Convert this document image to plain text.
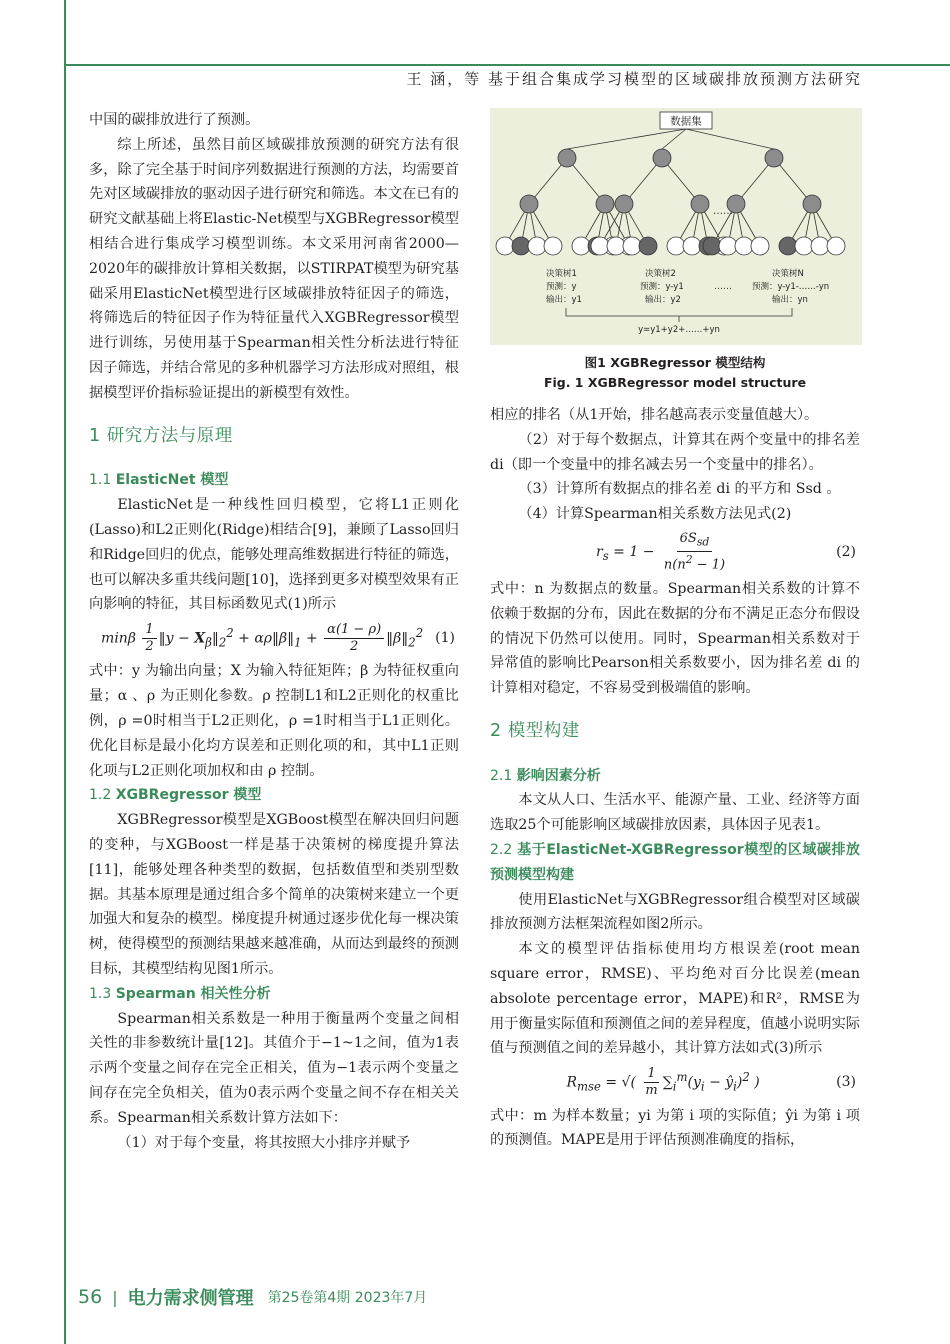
王 涵，等 基于组合集成学习模型的区域碳排放预测方法研究

中国的碳排放进行了预测。

综上所述，虽然目前区域碳排放预测的研究方法有很多，除了完全基于时间序列数据进行预测的方法，均需要首先对区域碳排放的驱动因子进行研究和筛选。本文在已有的研究文献基础上将Elastic-Net模型与XGBRegressor模型相结合进行集成学习模型训练。本文采用河南省2000—2020年的碳排放计算相关数据，以STIRPAT模型为研究基础采用ElasticNet模型进行区域碳排放特征因子的筛选，将筛选后的特征因子作为特征量代入XGBRegressor模型进行训练，另使用基于Spearman相关性分析法进行特征因子筛选，并结合常见的多种机器学习方法形成对照组，根据模型评价指标验证提出的新模型有效性。

1 研究方法与原理
1.1 ElasticNet 模型

ElasticNet是一种线性回归模型，它将L1正则化(Lasso)和L2正则化(Ridge)相结合[9]，兼顾了Lasso回归和Ridge回归的优点，能够处理高维数据进行特征的筛选，也可以解决多重共线问题[10]，选择到更多对模型效果有正向影响的特征，其目标函数见式(1)所示

minβ $\frac{1}{2}$ ‖y − $X_\beta‖_2^2$ + $\alpha\rho‖\beta‖_1 + \frac{\alpha(1 - \rho)}{2}$ $‖\beta‖_2^2$ (1)

式中：y 为输出向量；X 为输入特征矩阵；β 为特征权重向量；α 、ρ 为正则化参数。ρ 控制L1和L2正则化的权重比例，ρ =0时相当于L2正则化，ρ =1时相当于L1正则化。优化目标是最小化均方误差和正则化项的和，其中L1正则化项与L2正则化项加权和由 ρ 控制。

1.2 XGBRegressor 模型

XGBRegressor模型是XGBoost模型在解决回归问题的变种，与XGBoost一样是基于决策树的梯度提升算法[11]，能够处理各种类型的数据，包括数值型和类别型数据。其基本原理是通过组合多个简单的决策树来建立一个更加强大和复杂的模型。梯度提升树通过逐步优化每一棵决策树，使得模型的预测结果越来越准确，从而达到最终的预测目标，其模型结构见图1所示。

1.3 Spearman 相关性分析

Spearman相关系数是一种用于衡量两个变量之间相关性的非参数统计量[12]。其值介于−1~1之间，值为1表示两个变量之间存在完全正相关，值为−1表示两个变量之间存在完全负相关，值为0表示两个变量之间不存在相关关系。Spearman相关系数计算方法如下：

（1）对于每个变量，将其按照大小排序并赋予

数据集
……
……
决策树1
预测：y
输出：y1
决策树2
预测：y-y1
输出：y2
决策树N
预测：y-y1-……-yn
输出：yn
y=y1+y2+……+yn
图1 XGBRegressor 模型结构
Fig. 1 XGBRegressor model structure

相应的排名（从1开始，排名越高表示变量值越大）。

（2）对于每个数据点，计算其在两个变量中的排名差 di（即一个变量中的排名减去另一个变量中的排名）。

（3）计算所有数据点的排名差 di 的平方和 Ssd 。

（4）计算Spearman相关系数方法见式(2)

$r_s = 1 - \frac{6S_{sd}}{n(n^2 - 1)}$	(2)

式中：n 为数据点的数量。Spearman相关系数的计算不依赖于数据的分布，因此在数据的分布不满足正态分布假设的情况下仍然可以使用。同时，Spearman相关系数对于异常值的影响比Pearson相关系数要小，因为排名差 di 的计算相对稳定，不容易受到极端值的影响。

2 模型构建
2.1 影响因素分析

本文从人口、生活水平、能源产量、工业、经济等方面选取25个可能影响区域碳排放因素，具体因子见表1。

2.2 基于ElasticNet-XGBRegressor模型的区域碳排放预测模型构建

使用ElasticNet与XGBRegressor组合模型对区域碳排放预测方法框架流程如图2所示。

本文的模型评估指标使用均方根误差(root mean square error，RMSE)、平均绝对百分比误差(mean absolote percentage error，MAPE)和R²，RMSE为用于衡量实际值和预测值之间的差异程度，值越小说明实际值与预测值之间的差异越小，其计算方法如式(3)所示

$R_{mse}$ = √( $\frac{1}{m} \sum_i^m(y_i$ − $ŷ_i)^2$ )	(3)

式中：m 为样本数量；yi 为第 i 项的实际值；ŷi 为第 i 项的预测值。MAPE是用于评估预测准确度的指标，

56 | 电力需求侧管理 第25卷第4期 2023年7月
